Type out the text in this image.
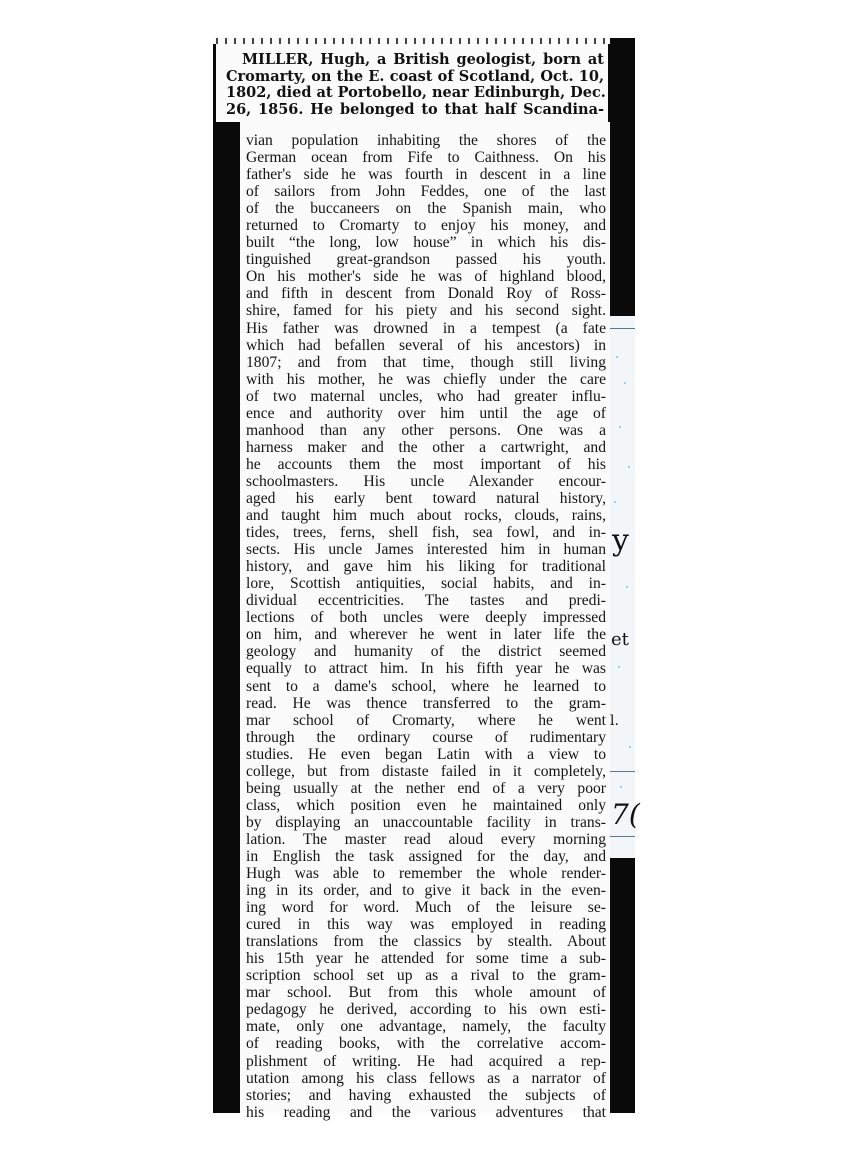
MILLER, Hugh, a British geologist, born at
Cromarty, on the E. coast of Scotland, Oct. 10,
1802, died at Portobello, near Edinburgh, Dec.
26, 1856. He belonged to that half Scandina-
vian population inhabiting the shores of the
German ocean from Fife to Caithness. On his
father's side he was fourth in descent in a line
of sailors from John Feddes, one of the last
of the buccaneers on the Spanish main, who
returned to Cromarty to enjoy his money, and
built “the long, low house” in which his dis-
tinguished great-grandson passed his youth.
On his mother's side he was of highland blood,
and fifth in descent from Donald Roy of Ross-
shire, famed for his piety and his second sight.
His father was drowned in a tempest (a fate
which had befallen several of his ancestors) in
1807; and from that time, though still living
with his mother, he was chiefly under the care
of two maternal uncles, who had greater influ-
ence and authority over him until the age of
manhood than any other persons. One was a
harness maker and the other a cartwright, and
he accounts them the most important of his
schoolmasters. His uncle Alexander encour-
aged his early bent toward natural history,
and taught him much about rocks, clouds, rains,
tides, trees, ferns, shell fish, sea fowl, and in-
sects. His uncle James interested him in human
history, and gave him his liking for traditional
lore, Scottish antiquities, social habits, and in-
dividual eccentricities. The tastes and predi-
lections of both uncles were deeply impressed
on him, and wherever he went in later life the
geology and humanity of the district seemed
equally to attract him. In his fifth year he was
sent to a dame's school, where he learned to
read. He was thence transferred to the gram-
mar school of Cromarty, where he went
through the ordinary course of rudimentary
studies. He even began Latin with a view to
college, but from distaste failed in it completely,
being usually at the nether end of a very poor
class, which position even he maintained only
by displaying an unaccountable facility in trans-
lation. The master read aloud every morning
in English the task assigned for the day, and
Hugh was able to remember the whole render-
ing in its order, and to give it back in the even-
ing word for word. Much of the leisure se-
cured in this way was employed in reading
translations from the classics by stealth. About
his 15th year he attended for some time a sub-
scription school set up as a rival to the gram-
mar school. But from this whole amount of
pedagogy he derived, according to his own esti-
mate, only one advantage, namely, the faculty
of reading books, with the correlative accom-
plishment of writing. He had acquired a rep-
utation among his class fellows as a narrator of
stories; and having exhausted the subjects of
his reading and the various adventures that
y
et
l.
7(
